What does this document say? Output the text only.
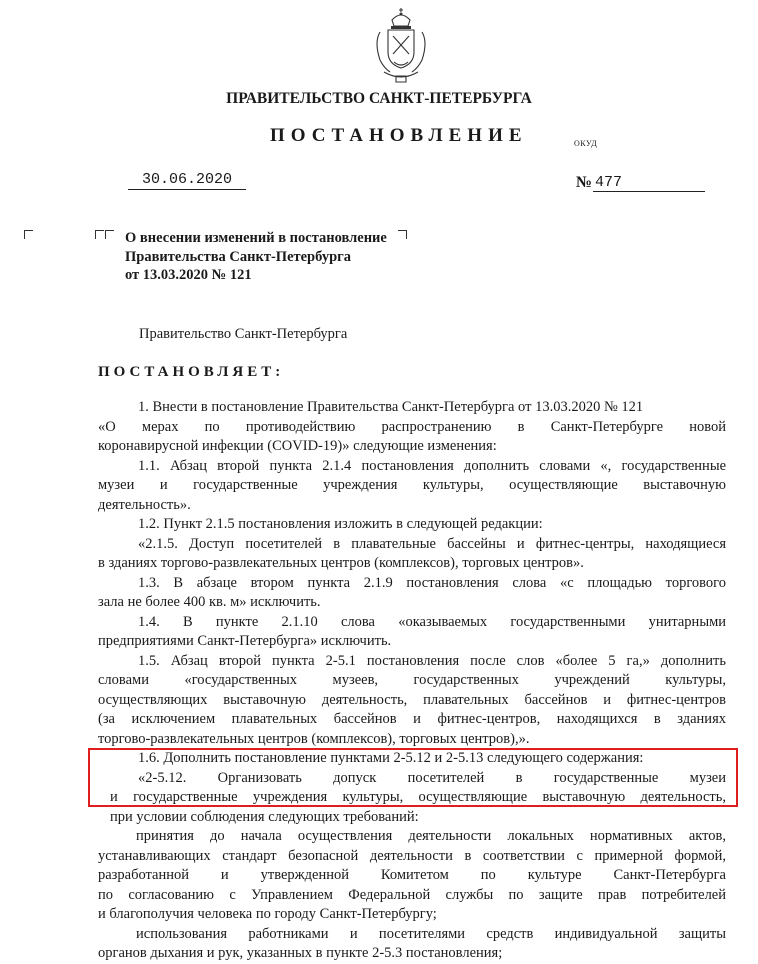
ПРАВИТЕЛЬСТВО САНКТ-ПЕТЕРБУРГА
ПОСТАНОВЛЕНИЕ	ОКУД
30.06.2020	№ 477
О внесении изменений в постановление
Правительства Санкт-Петербурга
от 13.03.2020 № 121
Правительство Санкт-Петербурга
ПОСТАНОВЛЯЕТ:
1. Внести в постановление Правительства Санкт-Петербурга от 13.03.2020 № 121
«О мерах по противодействию распространению в Санкт-Петербурге новой
коронавирусной инфекции (COVID-19)» следующие изменения:
1.1. Абзац второй пункта 2.1.4 постановления дополнить словами «, государственные
музеи и государственные учреждения культуры, осуществляющие выставочную
деятельность».
1.2. Пункт 2.1.5 постановления изложить в следующей редакции:
«2.1.5. Доступ посетителей в плавательные бассейны и фитнес-центры, находящиеся
в зданиях торгово-развлекательных центров (комплексов), торговых центров».
1.3. В абзаце втором пункта 2.1.9 постановления слова «с площадью торгового
зала не более 400 кв. м» исключить.
1.4. В пункте 2.1.10 слова «оказываемых государственными унитарными
предприятиями Санкт-Петербурга» исключить.
1.5. Абзац второй пункта 2-5.1 постановления после слов «более 5 га,» дополнить
словами «государственных музеев, государственных учреждений культуры,
осуществляющих выставочную деятельность, плавательных бассейнов и фитнес-центров
(за исключением плавательных бассейнов и фитнес-центров, находящихся в зданиях
торгово-развлекательных центров (комплексов), торговых центров),».
1.6. Дополнить постановление пунктами 2-5.12 и 2-5.13 следующего содержания:
«2-5.12. Организовать допуск посетителей в государственные музеи
и государственные учреждения культуры, осуществляющие выставочную деятельность,
при условии соблюдения следующих требований:
принятия до начала осуществления деятельности локальных нормативных актов,
устанавливающих стандарт безопасной деятельности в соответствии с примерной формой,
разработанной и утвержденной Комитетом по культуре Санкт-Петербурга
по согласованию с Управлением Федеральной службы по защите прав потребителей
и благополучия человека по городу Санкт-Петербургу;
использования работниками и посетителями средств индивидуальной защиты
органов дыхания и рук, указанных в пункте 2-5.3 постановления;
